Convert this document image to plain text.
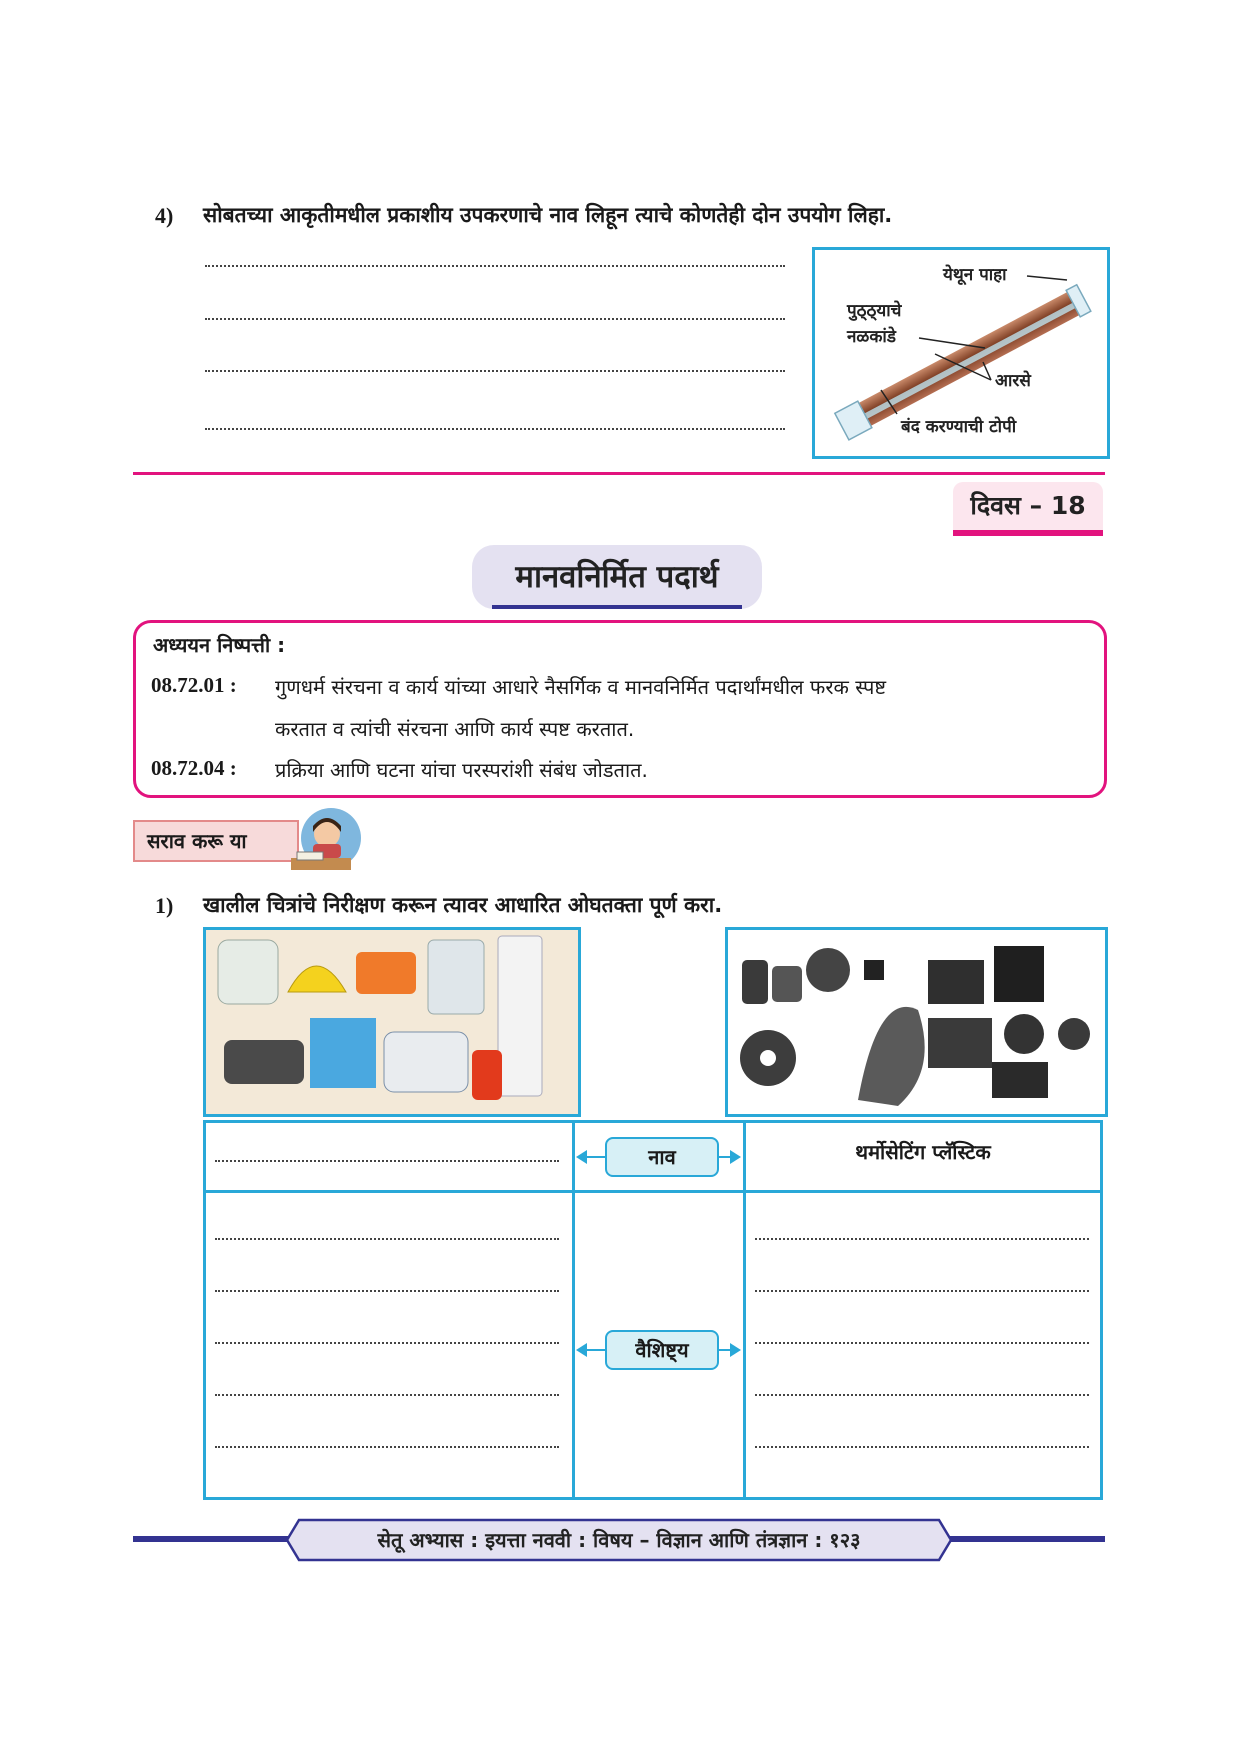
4) सोबतच्या आकृतीमधील प्रकाशीय उपकरणाचे नाव लिहून त्याचे कोणतेही दोन उपयोग लिहा.
येथून पाहा
पुठ्ठ्याचे
नळकांडे
आरसे
बंद करण्याची टोपी
दिवस – 18
मानवनिर्मित पदार्थ
अध्ययन निष्पत्ती :
08.72.01 : गुणधर्म संरचना व कार्य यांच्या आधारे नैसर्गिक व मानवनिर्मित पदार्थांमधील फरक स्पष्ट
करतात व त्यांची संरचना आणि कार्य स्पष्ट करतात.
08.72.04 : प्रक्रिया आणि घटना यांचा परस्परांशी संबंध जोडतात.
सराव करू या
1) खालील चित्रांचे निरीक्षण करून त्यावर आधारित ओघतक्ता पूर्ण करा.
नाव	थर्मोसेटिंग प्लॅस्टिक
वैशिष्ट्य
सेतू अभ्यास : इयत्ता नववी : विषय – विज्ञान आणि तंत्रज्ञान : १२३
